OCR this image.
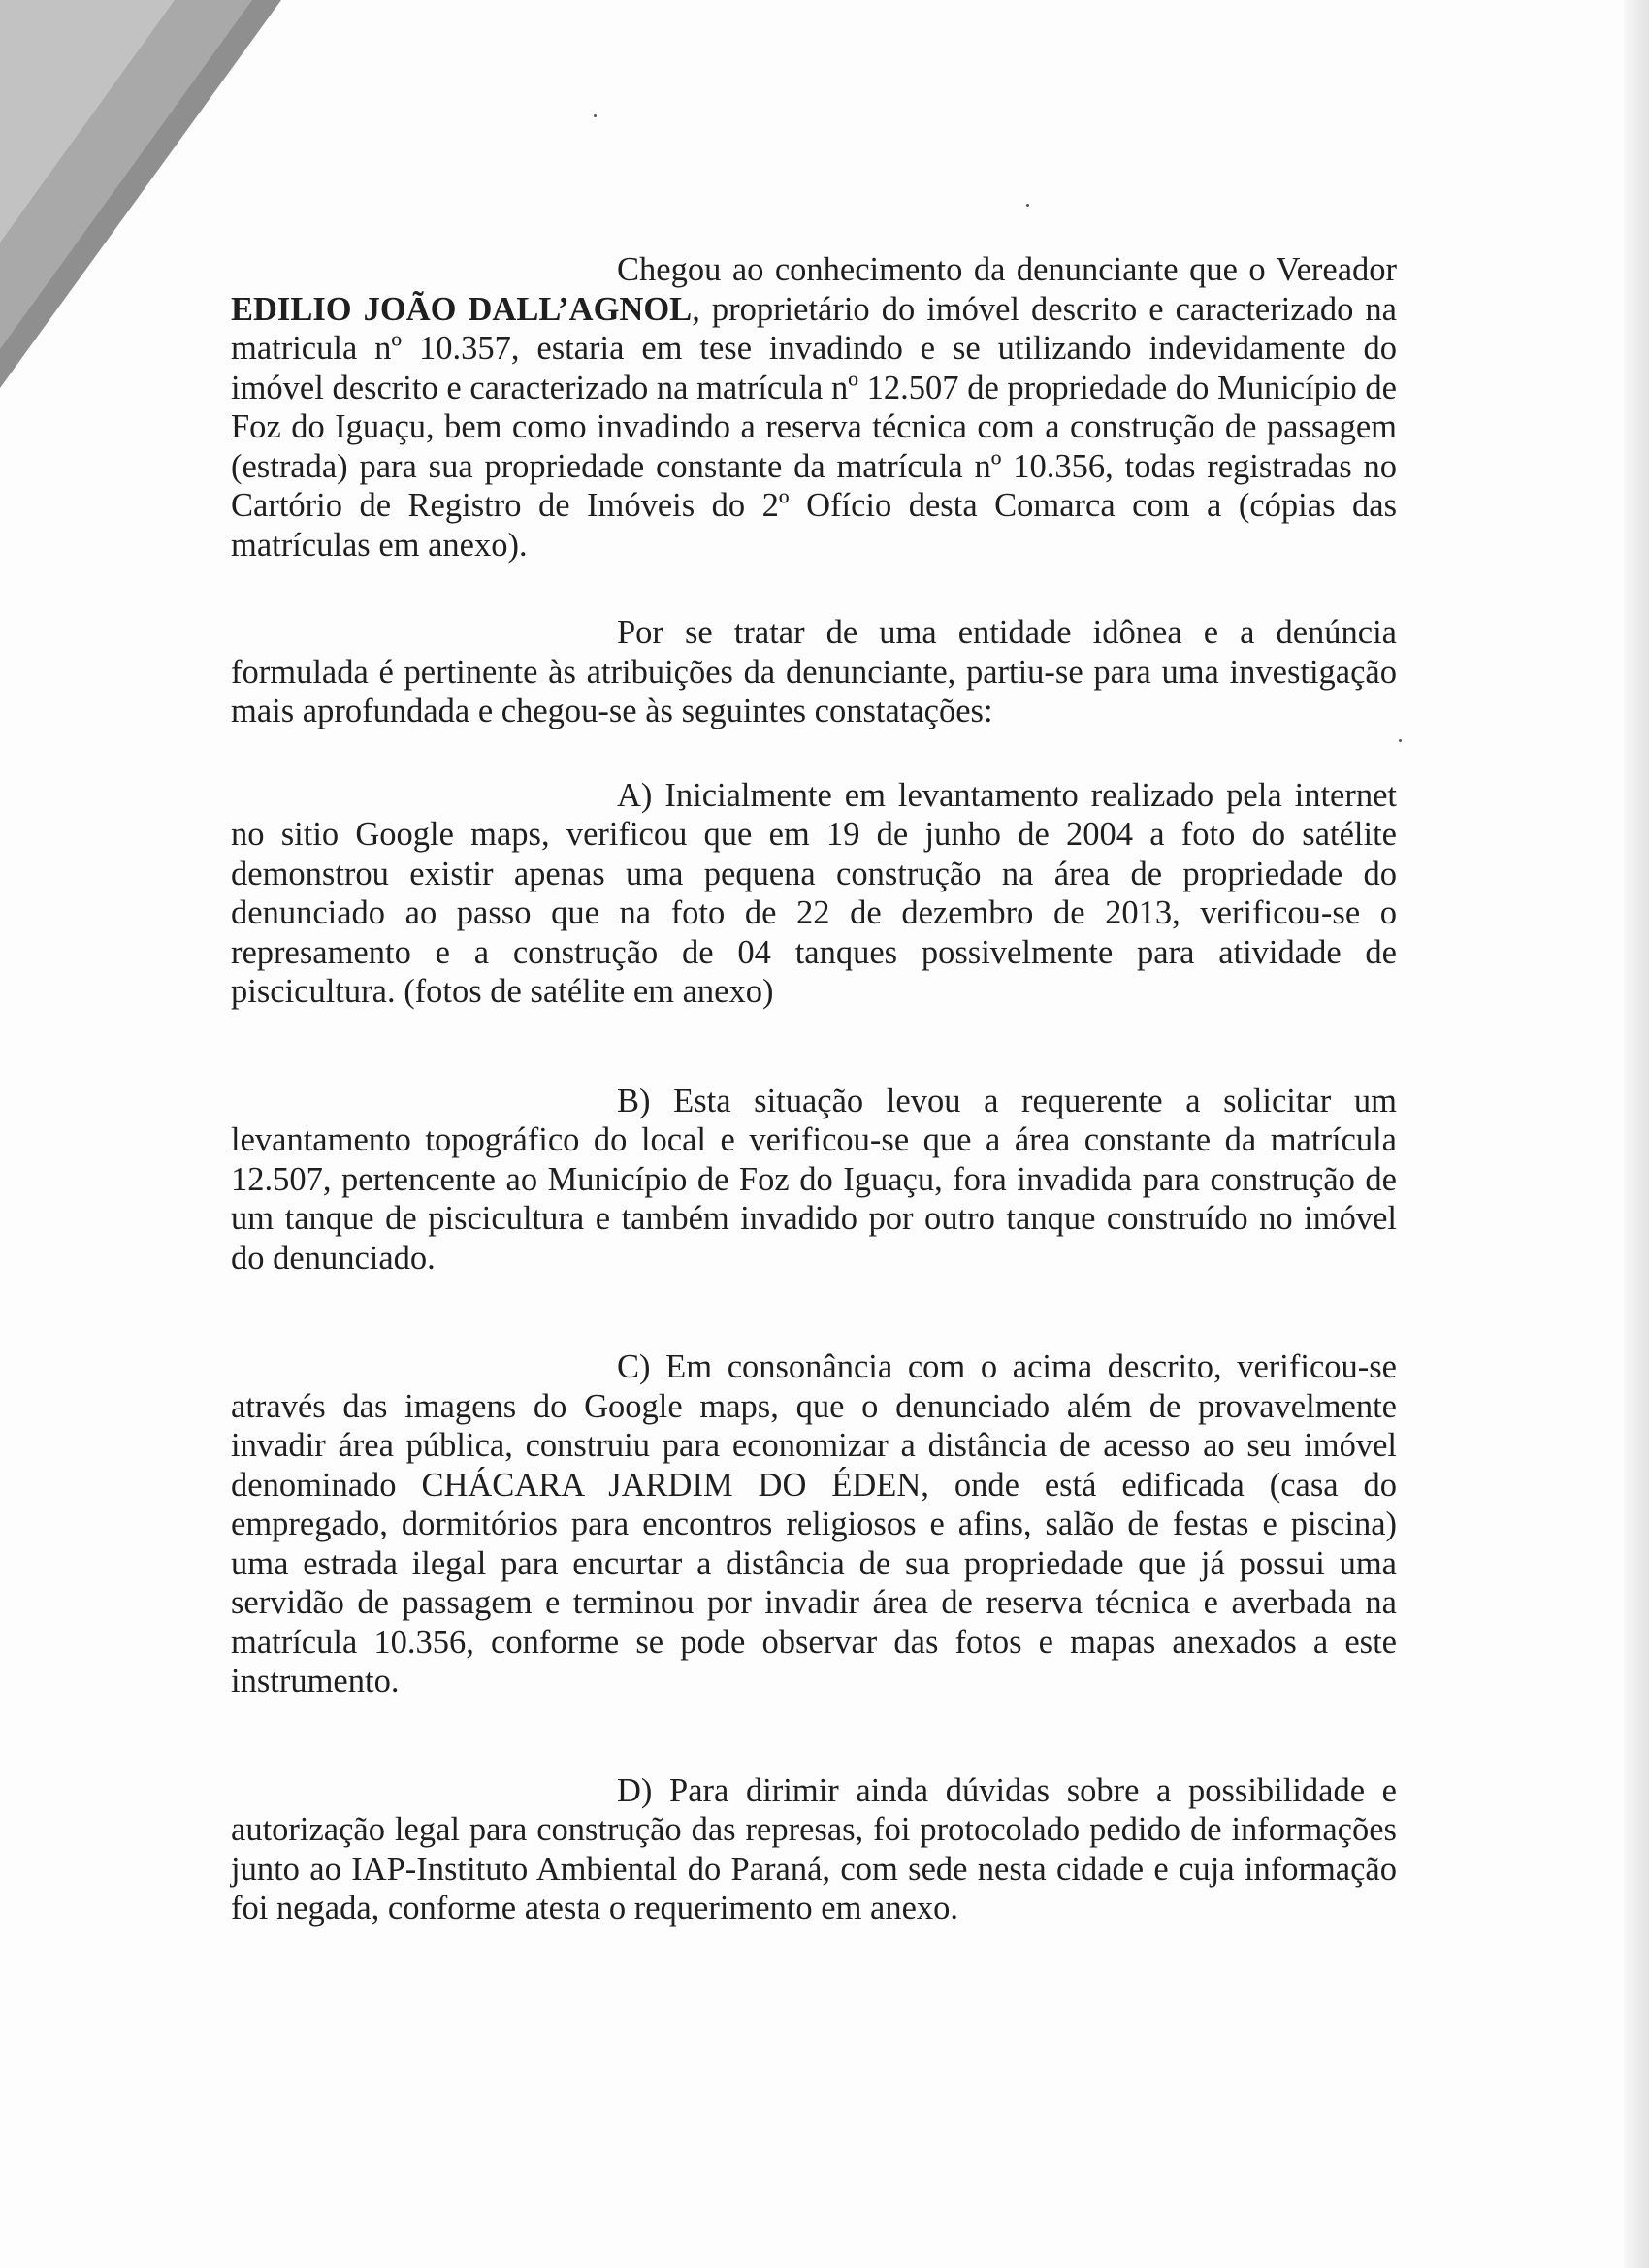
Chegou ao conhecimento da denunciante que o Vereador EDILIO JOÃO DALL’AGNOL, proprietário do imóvel descrito e caracterizado na matricula nº 10.357, estaria em tese invadindo e se utilizando indevidamente do imóvel descrito e caracterizado na matrícula nº 12.507 de propriedade do Município de Foz do Iguaçu, bem como invadindo a reserva técnica com a construção de passagem (estrada) para sua propriedade constante da matrícula nº 10.356, todas registradas no Cartório de Registro de Imóveis do 2º Ofício desta Comarca com a (cópias das matrículas em anexo).

Por se tratar de uma entidade idônea e a denúncia formulada é pertinente às atribuições da denunciante, partiu-se para uma investigação mais aprofundada e chegou-se às seguintes constatações:

A) Inicialmente em levantamento realizado pela internet no sitio Google maps, verificou que em 19 de junho de 2004 a foto do satélite demonstrou existir apenas uma pequena construção na área de propriedade do denunciado ao passo que na foto de 22 de dezembro de 2013, verificou-se o represamento e a construção de 04 tanques possivelmente para atividade de piscicultura. (fotos de satélite em anexo)

B) Esta situação levou a requerente a solicitar um levantamento topográfico do local e verificou-se que a área constante da matrícula 12.507, pertencente ao Município de Foz do Iguaçu, fora invadida para construção de um tanque de piscicultura e também invadido por outro tanque construído no imóvel do denunciado.

C) Em consonância com o acima descrito, verificou-se através das imagens do Google maps, que o denunciado além de provavelmente invadir área pública, construiu para economizar a distância de acesso ao seu imóvel denominado CHÁCARA JARDIM DO ÉDEN, onde está edificada (casa do empregado, dormitórios para encontros religiosos e afins, salão de festas e piscina) uma estrada ilegal para encurtar a distância de sua propriedade que já possui uma servidão de passagem e terminou por invadir área de reserva técnica e averbada na matrícula 10.356, conforme se pode observar das fotos e mapas anexados a este instrumento.

D) Para dirimir ainda dúvidas sobre a possibilidade e autorização legal para construção das represas, foi protocolado pedido de informações junto ao IAP-Instituto Ambiental do Paraná, com sede nesta cidade e cuja informação foi negada, conforme atesta o requerimento em anexo.
